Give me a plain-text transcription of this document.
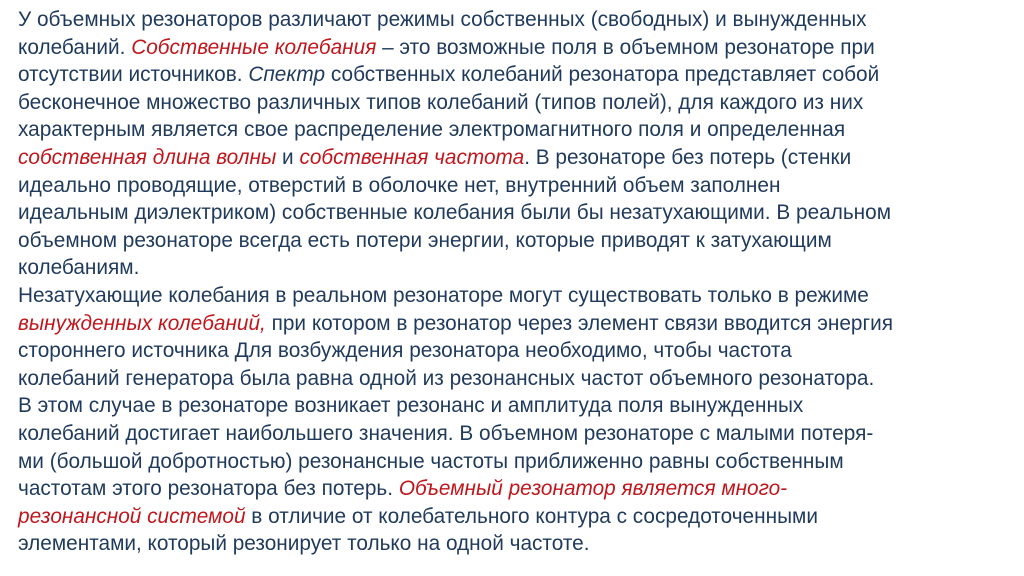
У объемных резонаторов различают режимы собственных (свободных) и вынужденных
колебаний. Собственные колебания – это возможные поля в объемном резонаторе при
отсутствии источников. Спектр собственных колебаний резонатора представляет собой
бесконечное множество различных типов колебаний (типов полей), для каждого из них
характерным является свое распределение электромагнитного поля и определенная
собственная длина волны и собственная частота. В резонаторе без потерь (стенки
идеально проводящие, отверстий в оболочке нет, внутренний объем заполнен
идеальным диэлектриком) собственные колебания были бы незатухающими. В реальном
объемном резонаторе всегда есть потери энергии, которые приводят к затухающим
колебаниям.
Незатухающие колебания в реальном резонаторе могут существовать только в режиме
вынужденных колебаний, при котором в резонатор через элемент связи вводится энергия
стороннего источника Для возбуждения резонатора необходимо, чтобы частота
колебаний генератора была равна одной из резонансных частот объемного резонатора.
В этом случае в резонаторе возникает резонанс и амплитуда поля вынужденных
колебаний достигает наибольшего значения. В объемном резонаторе с малыми потеря-
ми (большой добротностью) резонансные частоты приближенно равны собственным
частотам этого резонатора без потерь. Объемный резонатор является много-
резонансной системой в отличие от колебательного контура с сосредоточенными
элементами, который резонирует только на одной частоте.
